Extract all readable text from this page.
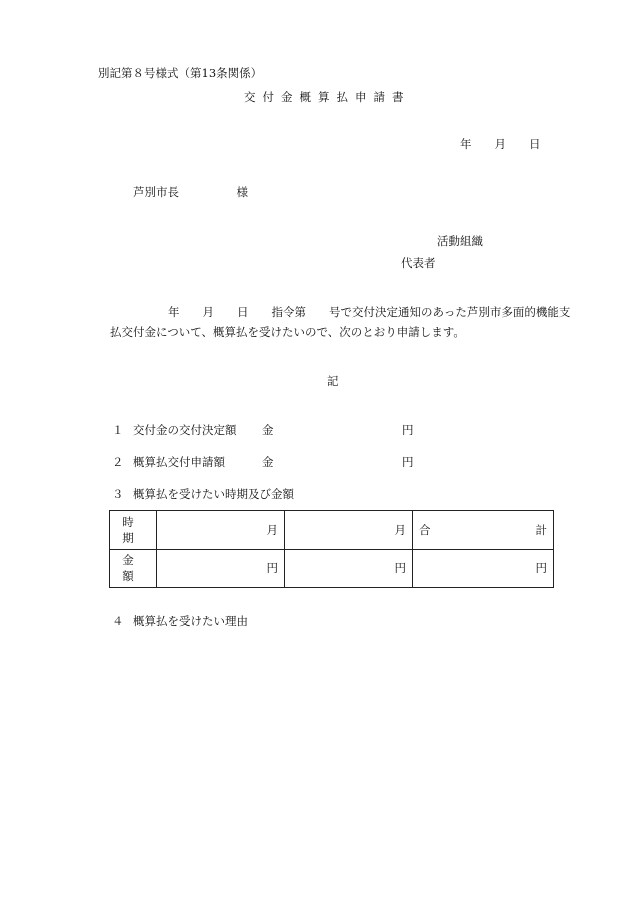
別記第８号様式（第13条関係）
交付金概算払申請書
年　　月　　日
芦別市長　　　　　様
活動組織
代表者
年　　月　　日　　指令第　　号で交付決定通知のあった芦別市多面的機能支払交付金について、概算払を受けたいので、次のとおり申請します。
記
１ 交付金の交付決定額 金	円
２ 概算払交付申請額	金	円
３ 概算払を受けたい時期及び金額
時期	月	月	合計
金額	円	円	円
４ 概算払を受けたい理由
